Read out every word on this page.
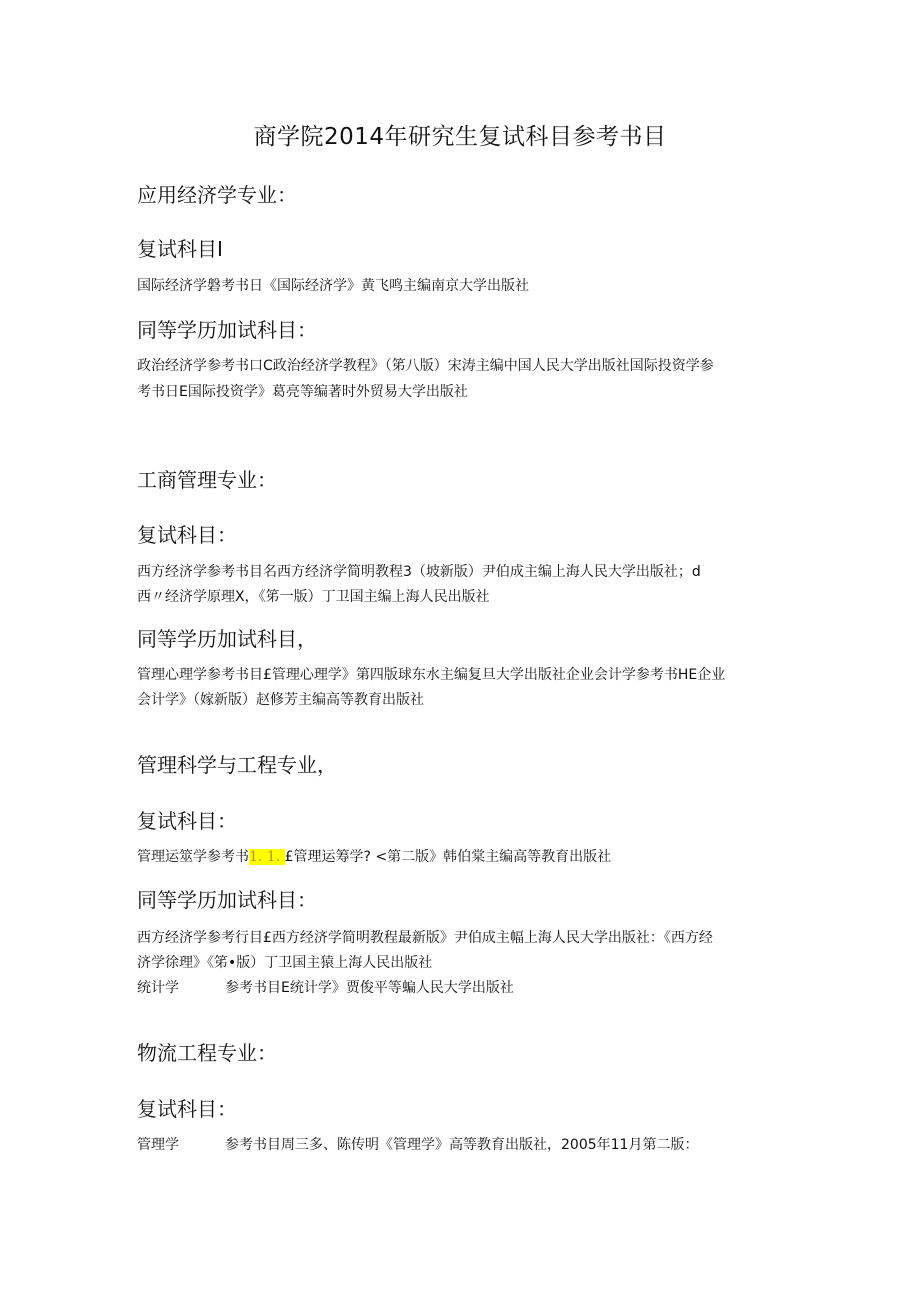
商学院2014年研究生复试科目参考书目
应用经济学专业：
复试科目I
国际经济学磐考书日《国际经济学》黄飞鸣主编南京大学出版社
同等学历加试科目：
政治经济学参考书口C政治经济学教程》（笫八版）宋涛主编中国人民大学出版社国际投资学参
考书日E国际投资学》葛亮等编著时外贸易大学出版社
工商管理专业：
复试科目：
西方经济学参考书目名西方经济学简明教程3（坡新版）尹伯成主编上海人民大学出版社；d
西〃经济学原理X，《笫一版）丁卫国主编上海人民出版社
同等学历加试科目，
管理心理学参考书目£管理心理学》第四版球东水主编复旦大学出版社企业会计学参考书HE企业
会计学》（嫁新版）赵修芳主编高等教育出版社
管理科学与工程专业，
复试科目：
管理运筮学参考书1. 1. £管理运筹学? <第二版》韩伯棠主编高等教育出版社
同等学历加试科目：
西方经济学参考行目£西方经济学简明教程最新版》尹伯成主幅上海人民大学出版社：《西方经
济学徐理》《笫•版）丁卫国主猿上海人民出版社
统计学	参考书目E统计学》贾俊平等蝙人民大学出版社
物流工程专业：
复试科目：
管理学	参考书目周三多、陈传明《管理学》高等教育出版社，2005年11月第二版：
